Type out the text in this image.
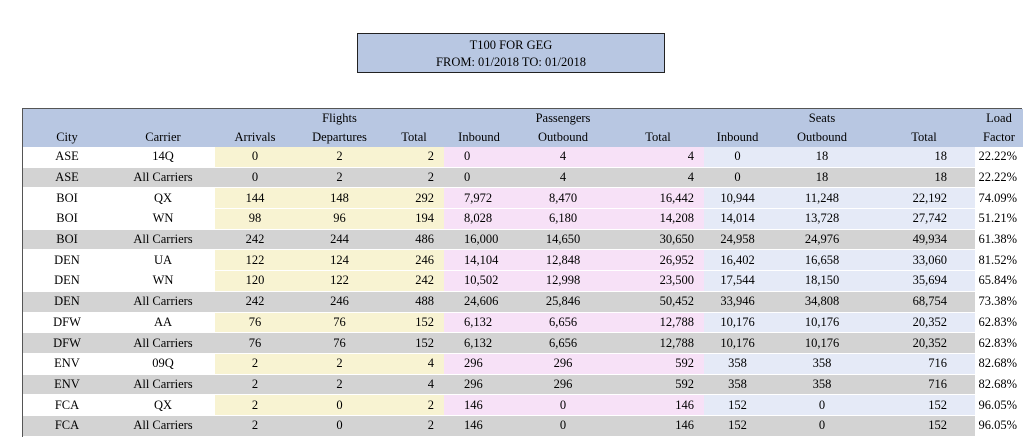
T100 FOR GEG
FROM: 01/2018 TO: 01/2018
			Flights			Passengers			Seats		Load
City	Carrier	Arrivals	Departures	Total	Inbound	Outbound	Total	Inbound	Outbound	Total	Factor
ASE	14Q	0	2	2	0	4	4	0	18	18	22.22%
ASE	All Carriers	0	2	2	0	4	4	0	18	18	22.22%
BOI	QX	144	148	292	7,972	8,470	16,442	10,944	11,248	22,192	74.09%
BOI	WN	98	96	194	8,028	6,180	14,208	14,014	13,728	27,742	51.21%
BOI	All Carriers	242	244	486	16,000	14,650	30,650	24,958	24,976	49,934	61.38%
DEN	UA	122	124	246	14,104	12,848	26,952	16,402	16,658	33,060	81.52%
DEN	WN	120	122	242	10,502	12,998	23,500	17,544	18,150	35,694	65.84%
DEN	All Carriers	242	246	488	24,606	25,846	50,452	33,946	34,808	68,754	73.38%
DFW	AA	76	76	152	6,132	6,656	12,788	10,176	10,176	20,352	62.83%
DFW	All Carriers	76	76	152	6,132	6,656	12,788	10,176	10,176	20,352	62.83%
ENV	09Q	2	2	4	296	296	592	358	358	716	82.68%
ENV	All Carriers	2	2	4	296	296	592	358	358	716	82.68%
FCA	QX	2	0	2	146	0	146	152	0	152	96.05%
FCA	All Carriers	2	0	2	146	0	146	152	0	152	96.05%
